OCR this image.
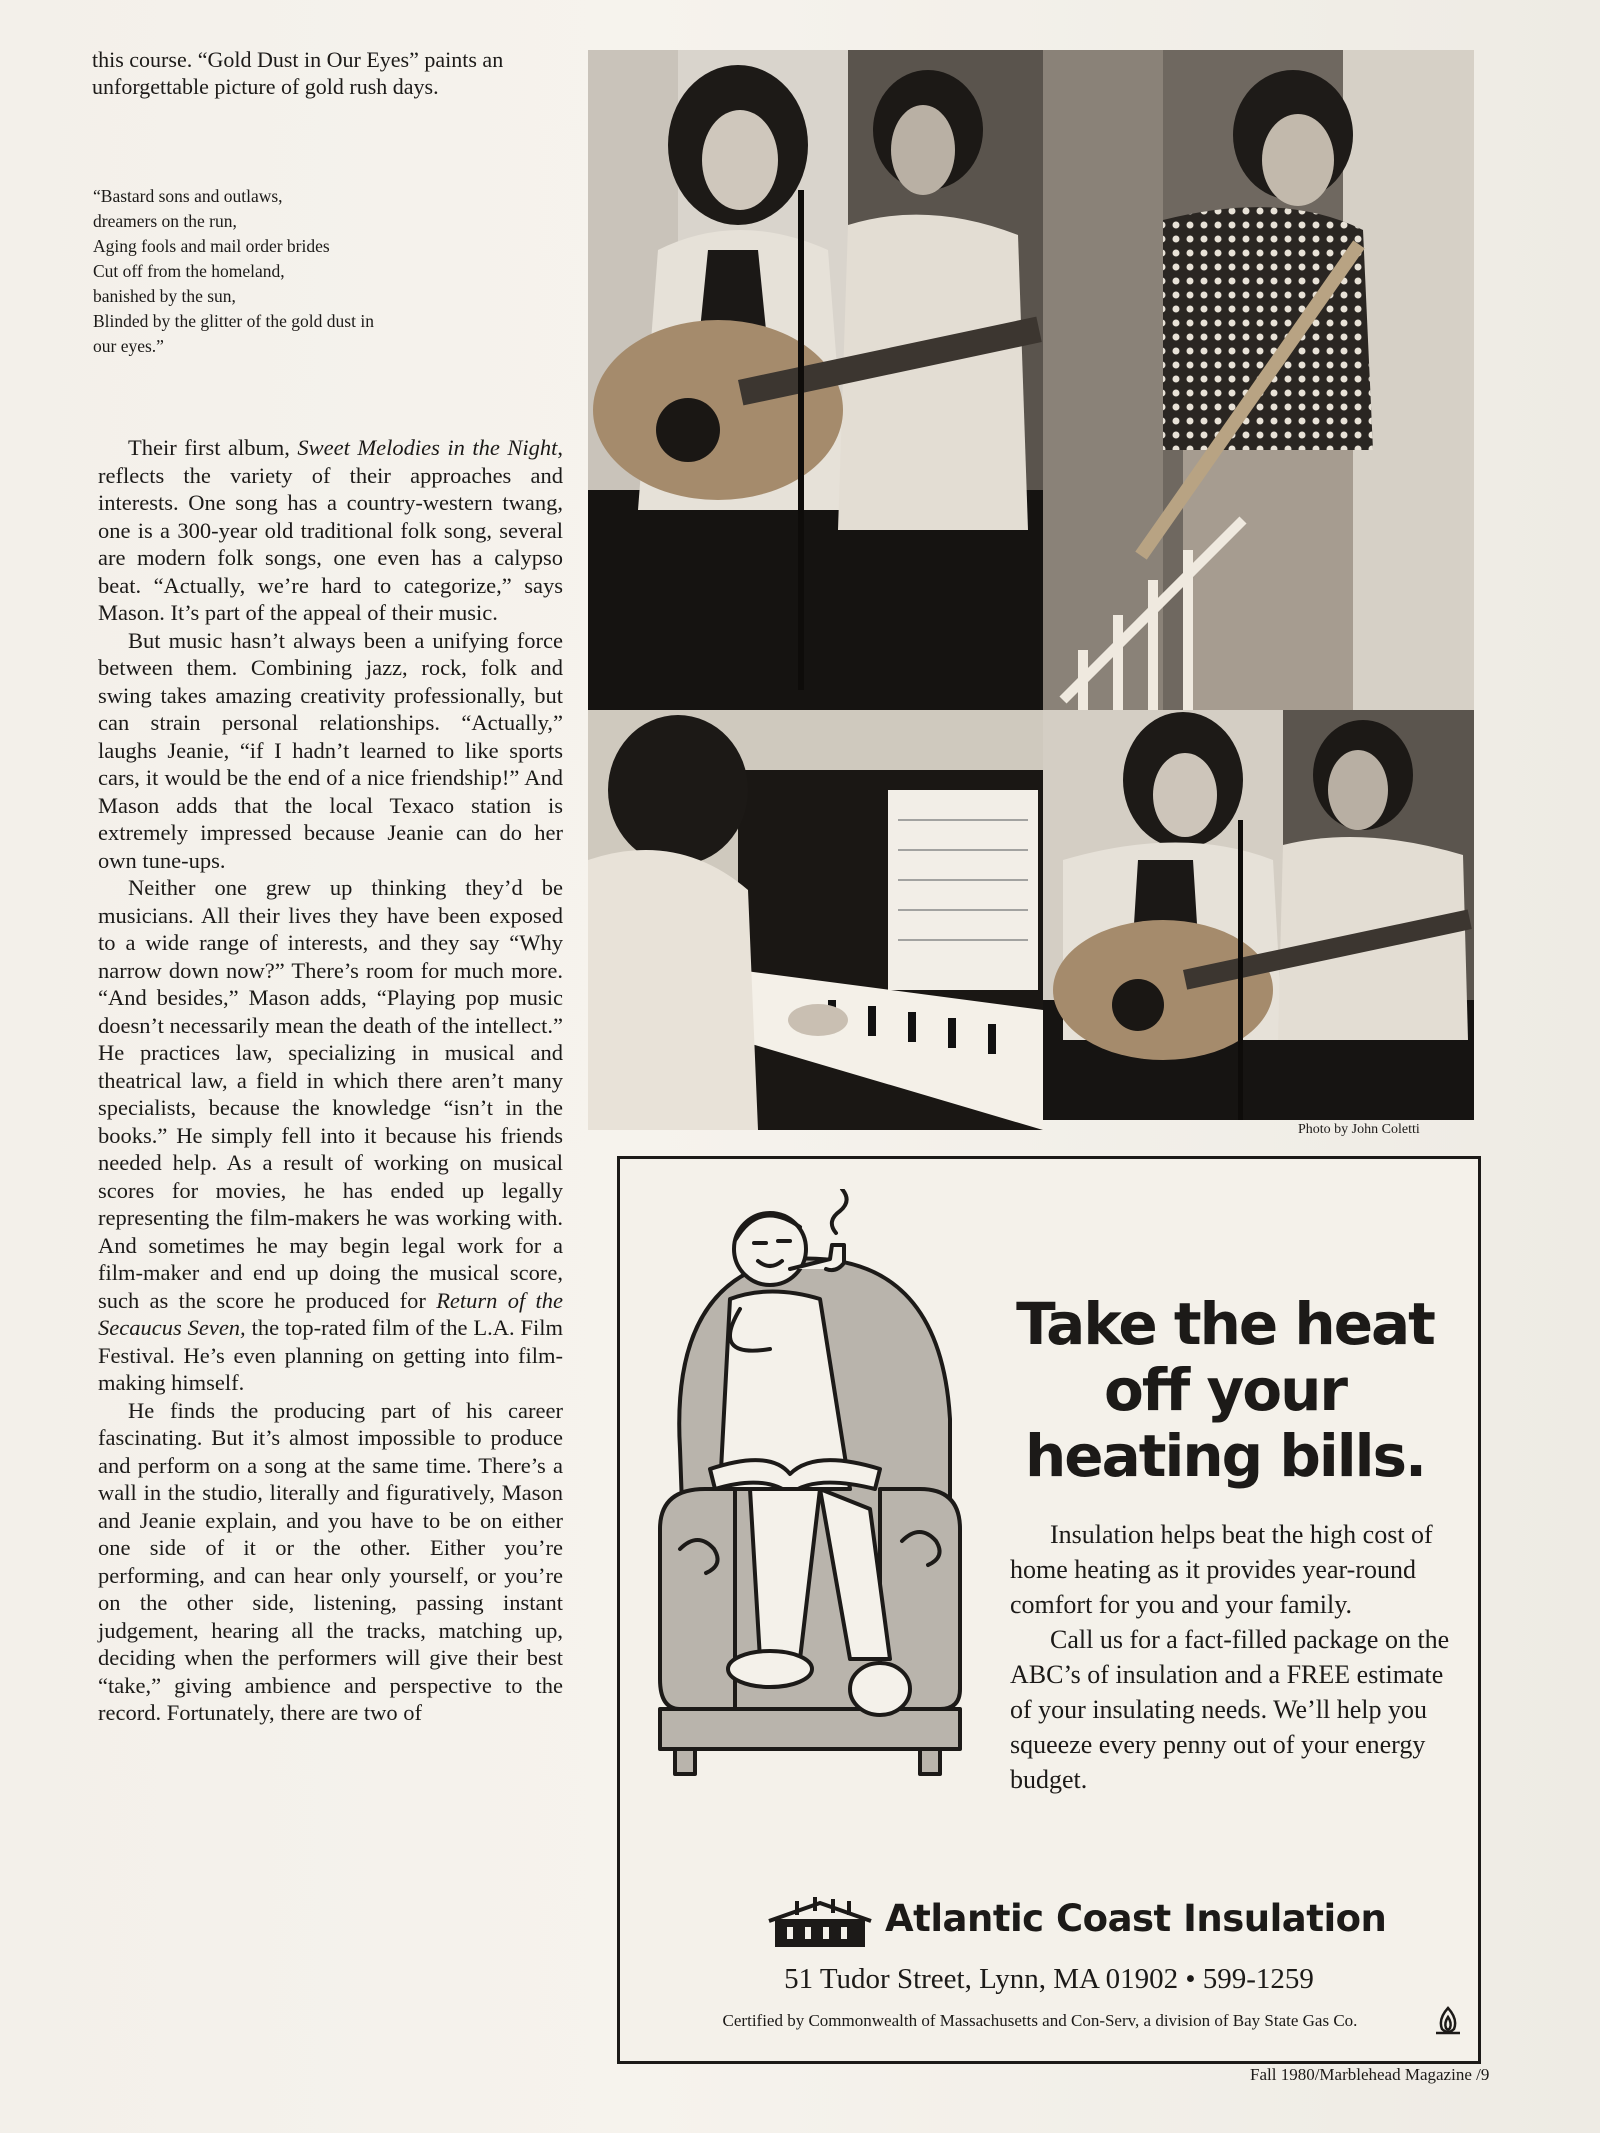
this course. “Gold Dust in Our Eyes” paints an unforgettable picture of gold rush days.
“Bastard sons and outlaws,
dreamers on the run,
Aging fools and mail order brides
Cut off from the homeland,
banished by the sun,
Blinded by the glitter of the gold dust in
our eyes.”

Their first album, Sweet Melodies in the Night, reflects the variety of their approaches and interests. One song has a country-western twang, one is a 300-year old traditional folk song, several are modern folk songs, one even has a calypso beat. “Actually, we’re hard to categorize,” says Mason. It’s part of the appeal of their music.

But music hasn’t always been a unifying force between them. Combining jazz, rock, folk and swing takes amazing creativity professionally, but can strain personal relationships. “Actually,” laughs Jeanie, “if I hadn’t learned to like sports cars, it would be the end of a nice friendship!” And Mason adds that the local Texaco station is extremely impressed because Jeanie can do her own tune-ups.

Neither one grew up thinking they’d be musicians. All their lives they have been exposed to a wide range of interests, and they say “Why narrow down now?” There’s room for much more. “And besides,” Mason adds, “Playing pop music doesn’t necessarily mean the death of the intellect.” He practices law, specializing in musical and theatrical law, a field in which there aren’t many specialists, because the knowledge “isn’t in the books.” He simply fell into it because his friends needed help. As a result of working on musical scores for movies, he has ended up legally representing the film-makers he was working with. And sometimes he may begin legal work for a film-maker and end up doing the musical score, such as the score he produced for Return of the Secaucus Seven, the top-rated film of the L.A. Film Festival. He’s even planning on getting into film-making himself.

He finds the producing part of his career fascinating. But it’s almost impossible to produce and perform on a song at the same time. There’s a wall in the studio, literally and figuratively, Mason and Jeanie explain, and you have to be on either one side of it or the other. Either you’re performing, and can hear only yourself, or you’re on the other side, listening, passing instant judgement, hearing all the tracks, matching up, deciding when the performers will give their best “take,” giving ambience and perspective to the record. Fortunately, there are two of

Photo by John Coletti
Take the heat
off your
heating bills.

Insulation helps beat the high cost of home heating as it provides year-round comfort for you and your family.

Call us for a fact-filled package on the ABC’s of insulation and a FREE estimate of your insulating needs. We’ll help you squeeze every penny out of your energy budget.

Atlantic Coast Insulation
51 Tudor Street, Lynn, MA 01902 • 599-1259
Certified by Commonwealth of Massachusetts and Con-Serv, a division of Bay State Gas Co.
Fall 1980/Marblehead Magazine /9
